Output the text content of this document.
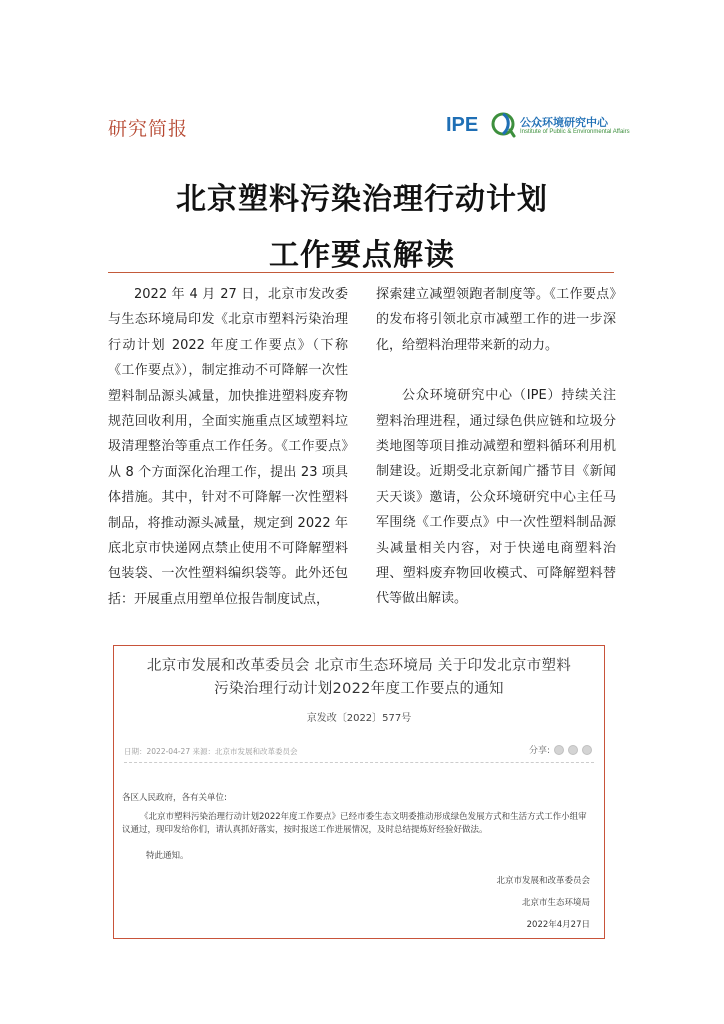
研究简报	IPE	公众环境研究中心
Institute of Public & Environmental Affairs
北京塑料污染治理行动计划
工作要点解读

2022 年 4 月 27 日，北京市发改委与生态环境局印发《北京市塑料污染治理行动计划 2022 年度工作要点》（下称《工作要点》），制定推动不可降解一次性塑料制品源头减量，加快推进塑料废弃物规范回收利用，全面实施重点区域塑料垃圾清理整治等重点工作任务。《工作要点》从 8 个方面深化治理工作，提出 23 项具体措施。其中，针对不可降解一次性塑料制品，将推动源头减量，规定到 2022 年底北京市快递网点禁止使用不可降解塑料包装袋、一次性塑料编织袋等。此外还包括：开展重点用塑单位报告制度试点，

探索建立减塑领跑者制度等。《工作要点》的发布将引领北京市减塑工作的进一步深化，给塑料治理带来新的动力。

公众环境研究中心（IPE）持续关注塑料治理进程，通过绿色供应链和垃圾分类地图等项目推动减塑和塑料循环利用机制建设。近期受北京新闻广播节目《新闻天天谈》邀请，公众环境研究中心主任马军围绕《工作要点》中一次性塑料制品源头减量相关内容，对于快递电商塑料治理、塑料废弃物回收模式、可降解塑料替代等做出解读。

北京市发展和改革委员会 北京市生态环境局 关于印发北京市塑料
污染治理行动计划2022年度工作要点的通知
京发改〔2022〕577号
日期：2022-04-27 来源：北京市发展和改革委员会	分享:
各区人民政府，各有关单位:
《北京市塑料污染治理行动计划2022年度工作要点》已经市委生态文明委推动形成绿色发展方式和生活方式工作小组审议通过，现印发给你们，请认真抓好落实，按时报送工作进展情况，及时总结提炼好经验好做法。
特此通知。
北京市发展和改革委员会
北京市生态环境局
2022年4月27日
